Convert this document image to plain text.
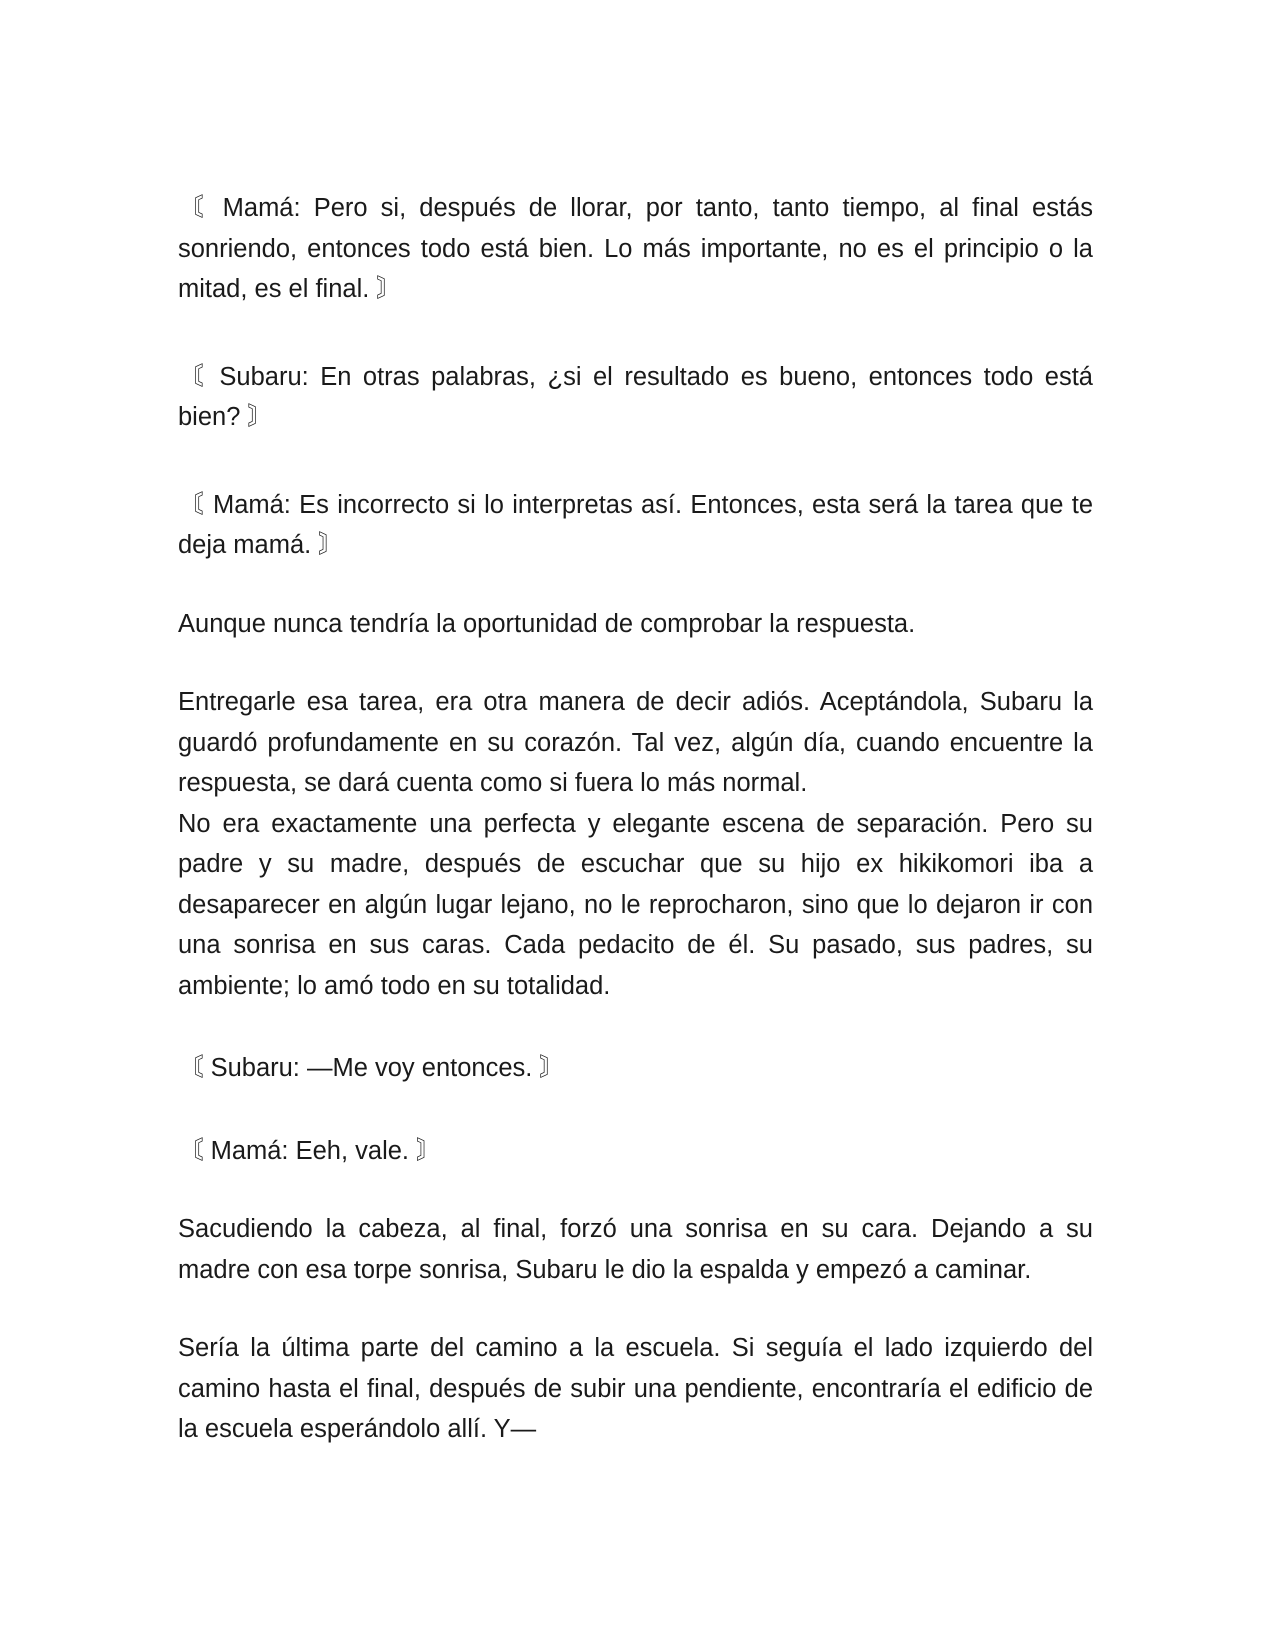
〘 Mamá: Pero si, después de llorar, por tanto, tanto tiempo, al final estás sonriendo, entonces todo está bien. Lo más importante, no es el principio o la mitad, es el final. 〙

〘 Subaru: En otras palabras, ¿si el resultado es bueno, entonces todo está bien? 〙

〘 Mamá: Es incorrecto si lo interpretas así. Entonces, esta será la tarea que te deja mamá. 〙

Aunque nunca tendría la oportunidad de comprobar la respuesta.

Entregarle esa tarea, era otra manera de decir adiós. Aceptándola, Subaru la guardó profundamente en su corazón. Tal vez, algún día, cuando encuentre la respuesta, se dará cuenta como si fuera lo más normal.

No era exactamente una perfecta y elegante escena de separación. Pero su padre y su madre, después de escuchar que su hijo ex hikikomori iba a desaparecer en algún lugar lejano, no le reprocharon, sino que lo dejaron ir con una sonrisa en sus caras. Cada pedacito de él. Su pasado, sus padres, su ambiente; lo amó todo en su totalidad.

〘 Subaru: —Me voy entonces. 〙

〘 Mamá: Eeh, vale. 〙

Sacudiendo la cabeza, al final, forzó una sonrisa en su cara. Dejando a su madre con esa torpe sonrisa, Subaru le dio la espalda y empezó a caminar.

Sería la última parte del camino a la escuela. Si seguía el lado izquierdo del camino hasta el final, después de subir una pendiente, encontraría el edificio de la escuela esperándolo allí. Y—
